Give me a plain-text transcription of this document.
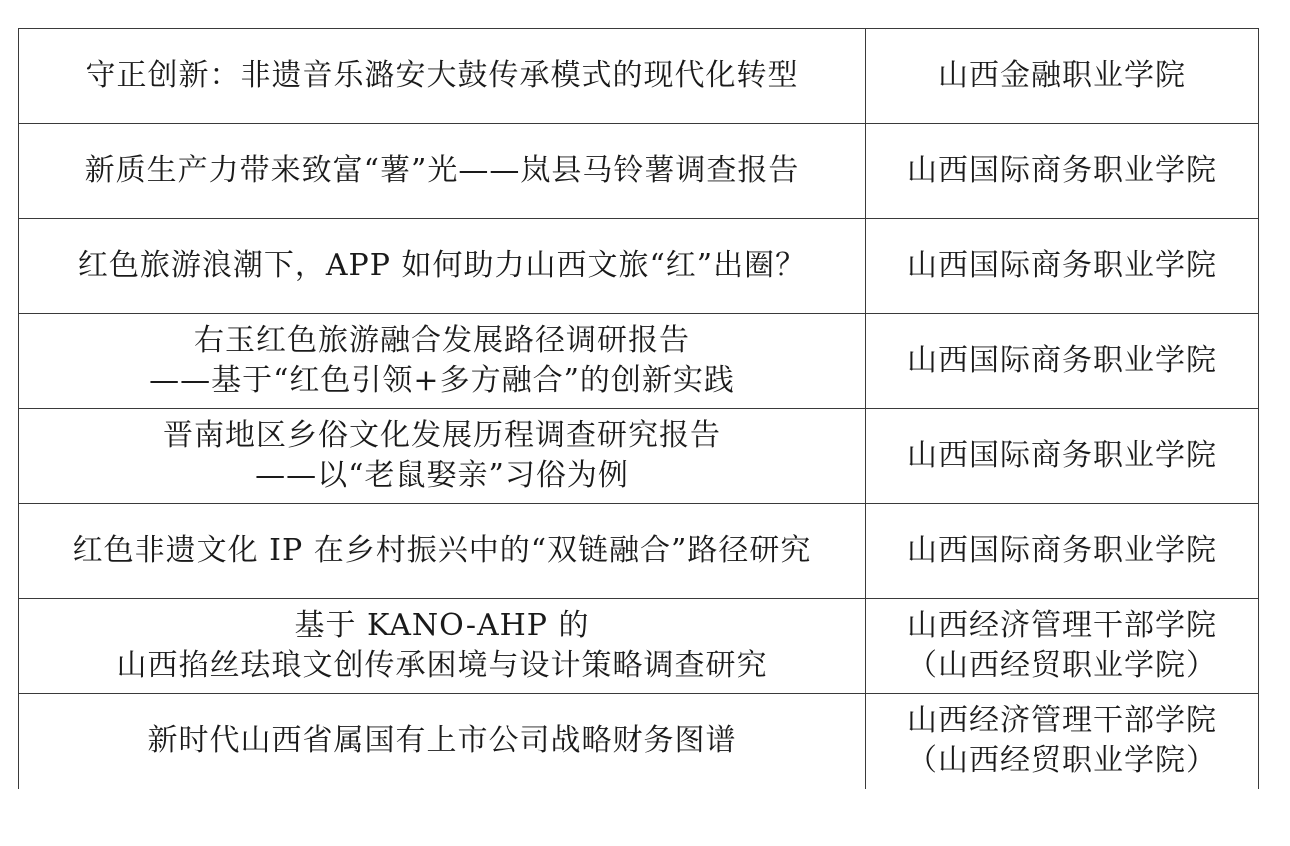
守正创新：非遗音乐潞安大鼓传承模式的现代化转型	山西金融职业学院

新质生产力带来致富“薯”光——岚县马铃薯调查报告	山西国际商务职业学院

红色旅游浪潮下，APP 如何助力山西文旅“红”出圈？	山西国际商务职业学院

右玉红色旅游融合发展路径调研报告
——基于“红色引领+多方融合”的创新实践	山西国际商务职业学院

晋南地区乡俗文化发展历程调查研究报告
——以“老鼠娶亲”习俗为例	山西国际商务职业学院

红色非遗文化 IP 在乡村振兴中的“双链融合”路径研究	山西国际商务职业学院

基于 KANO-AHP 的
山西掐丝珐琅文创传承困境与设计策略调查研究	山西经济管理干部学院
（山西经贸职业学院）

新时代山西省属国有上市公司战略财务图谱	山西经济管理干部学院
（山西经贸职业学院）
